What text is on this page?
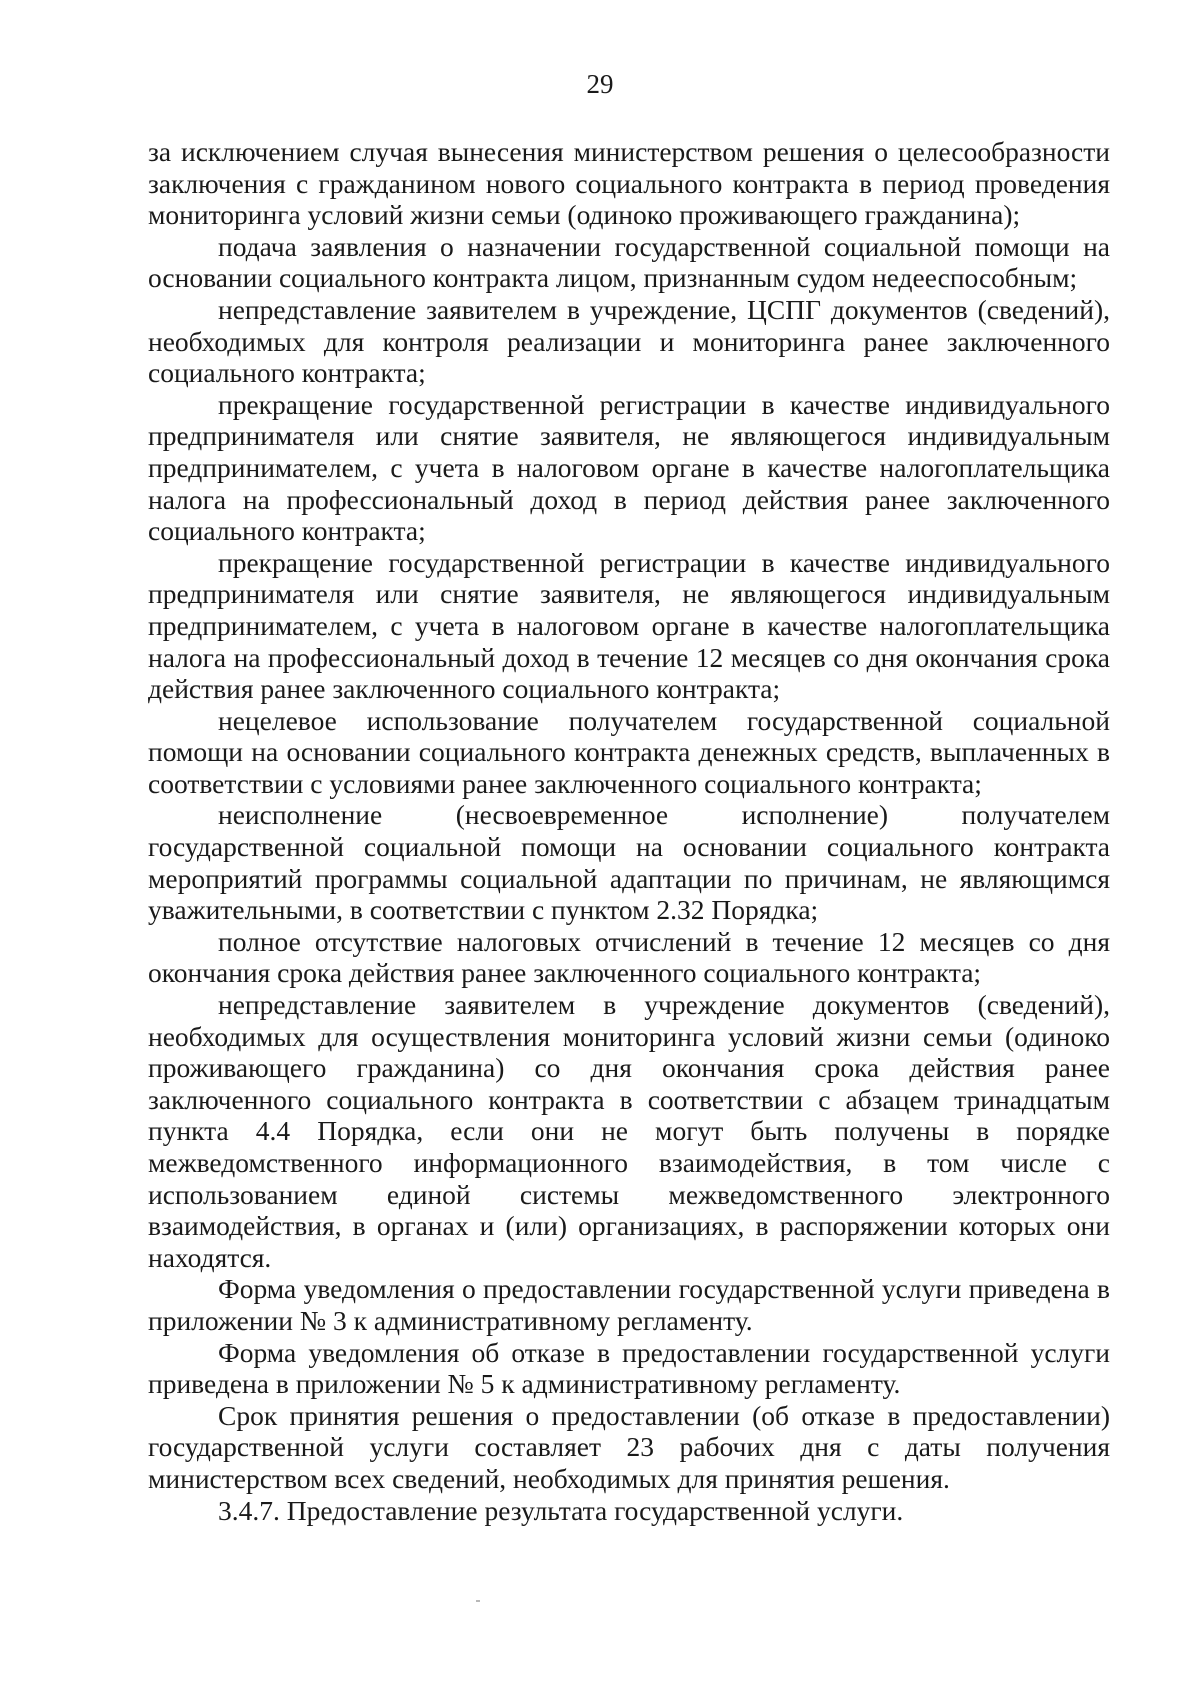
29

за исключением случая вынесения министерством решения о целесообразности заключения с гражданином нового социального контракта в период проведения мониторинга условий жизни семьи (одиноко проживающего гражданина);

подача заявления о назначении государственной социальной помощи на основании социального контракта лицом, признанным судом недееспособным;

непредставление заявителем в учреждение, ЦСПГ документов (сведений), необходимых для контроля реализации и мониторинга ранее заключенного социального контракта;

прекращение государственной регистрации в качестве индивидуального предпринимателя или снятие заявителя, не являющегося индивидуальным предпринимателем, с учета в налоговом органе в качестве налогоплательщика налога на профессиональный доход в период действия ранее заключенного социального контракта;

прекращение государственной регистрации в качестве индивидуального предпринимателя или снятие заявителя, не являющегося индивидуальным предпринимателем, с учета в налоговом органе в качестве налогоплательщика налога на профессиональный доход в течение 12 месяцев со дня окончания срока действия ранее заключенного социального контракта;

нецелевое использование получателем государственной социальной помощи на основании социального контракта денежных средств, выплаченных в соответствии с условиями ранее заключенного социального контракта;

неисполнение (несвоевременное исполнение) получателем государственной социальной помощи на основании социального контракта мероприятий программы социальной адаптации по причинам, не являющимся уважительными, в соответствии с пунктом 2.32 Порядка;

полное отсутствие налоговых отчислений в течение 12 месяцев со дня окончания срока действия ранее заключенного социального контракта;

непредставление заявителем в учреждение документов (сведений), необходимых для осуществления мониторинга условий жизни семьи (одиноко проживающего гражданина) со дня окончания срока действия ранее заключенного социального контракта в соответствии с абзацем тринадцатым пункта 4.4 Порядка, если они не могут быть получены в порядке межведомственного информационного взаимодействия, в том числе с использованием единой системы межведомственного электронного взаимодействия, в органах и (или) организациях, в распоряжении которых они находятся.

Форма уведомления о предоставлении государственной услуги приведена в приложении № 3 к административному регламенту.

Форма уведомления об отказе в предоставлении государственной услуги приведена в приложении № 5 к административному регламенту.

Срок принятия решения о предоставлении (об отказе в предоставлении) государственной услуги составляет 23 рабочих дня с даты получения министерством всех сведений, необходимых для принятия решения.

3.4.7. Предоставление результата государственной услуги.
